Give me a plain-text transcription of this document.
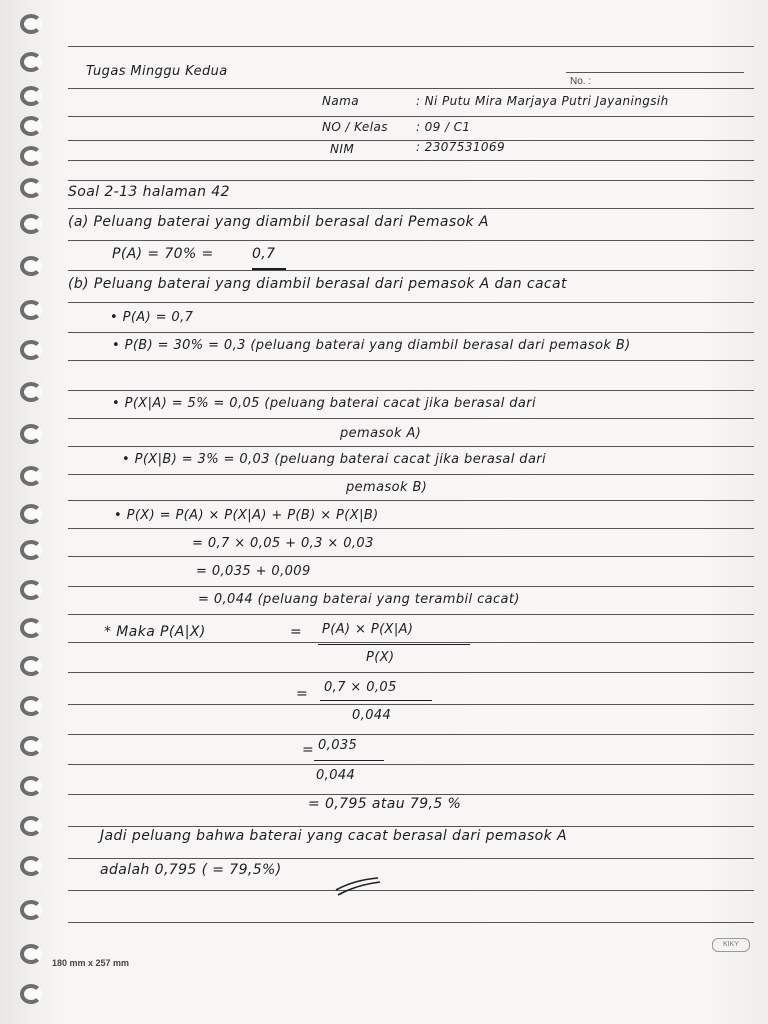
Tugas Minggu Kedua
No. :
Nama	: Ni Putu Mira Marjaya Putri Jayaningsih
NO / Kelas : 09 / C1
NIM	: 2307531069
Soal 2-13 halaman 42
(a) Peluang baterai yang diambil berasal dari Pemasok A
P(A) = 70% =	0,7
(b) Peluang baterai yang diambil berasal dari pemasok A dan cacat
• P(A) = 0,7
• P(B) = 30% = 0,3 (peluang baterai yang diambil berasal dari pemasok B)
• P(X|A) = 5% = 0,05 (peluang baterai cacat jika berasal dari
pemasok A)
• P(X|B) = 3% = 0,03 (peluang baterai cacat jika berasal dari
pemasok B)
• P(X) = P(A) × P(X|A) + P(B) × P(X|B)
= 0,7 × 0,05 + 0,3 × 0,03
= 0,035 + 0,009
= 0,044 (peluang baterai yang terambil cacat)
* Maka P(A|X)	= P(A) × P(X|A)
P(X)
= 0,7 × 0,05
0,044
= 0,035
0,044
= 0,795 atau 79,5 %
Jadi peluang bahwa baterai yang cacat berasal dari pemasok A
adalah 0,795 ( = 79,5%)
180 mm x 257 mm
KIKY
